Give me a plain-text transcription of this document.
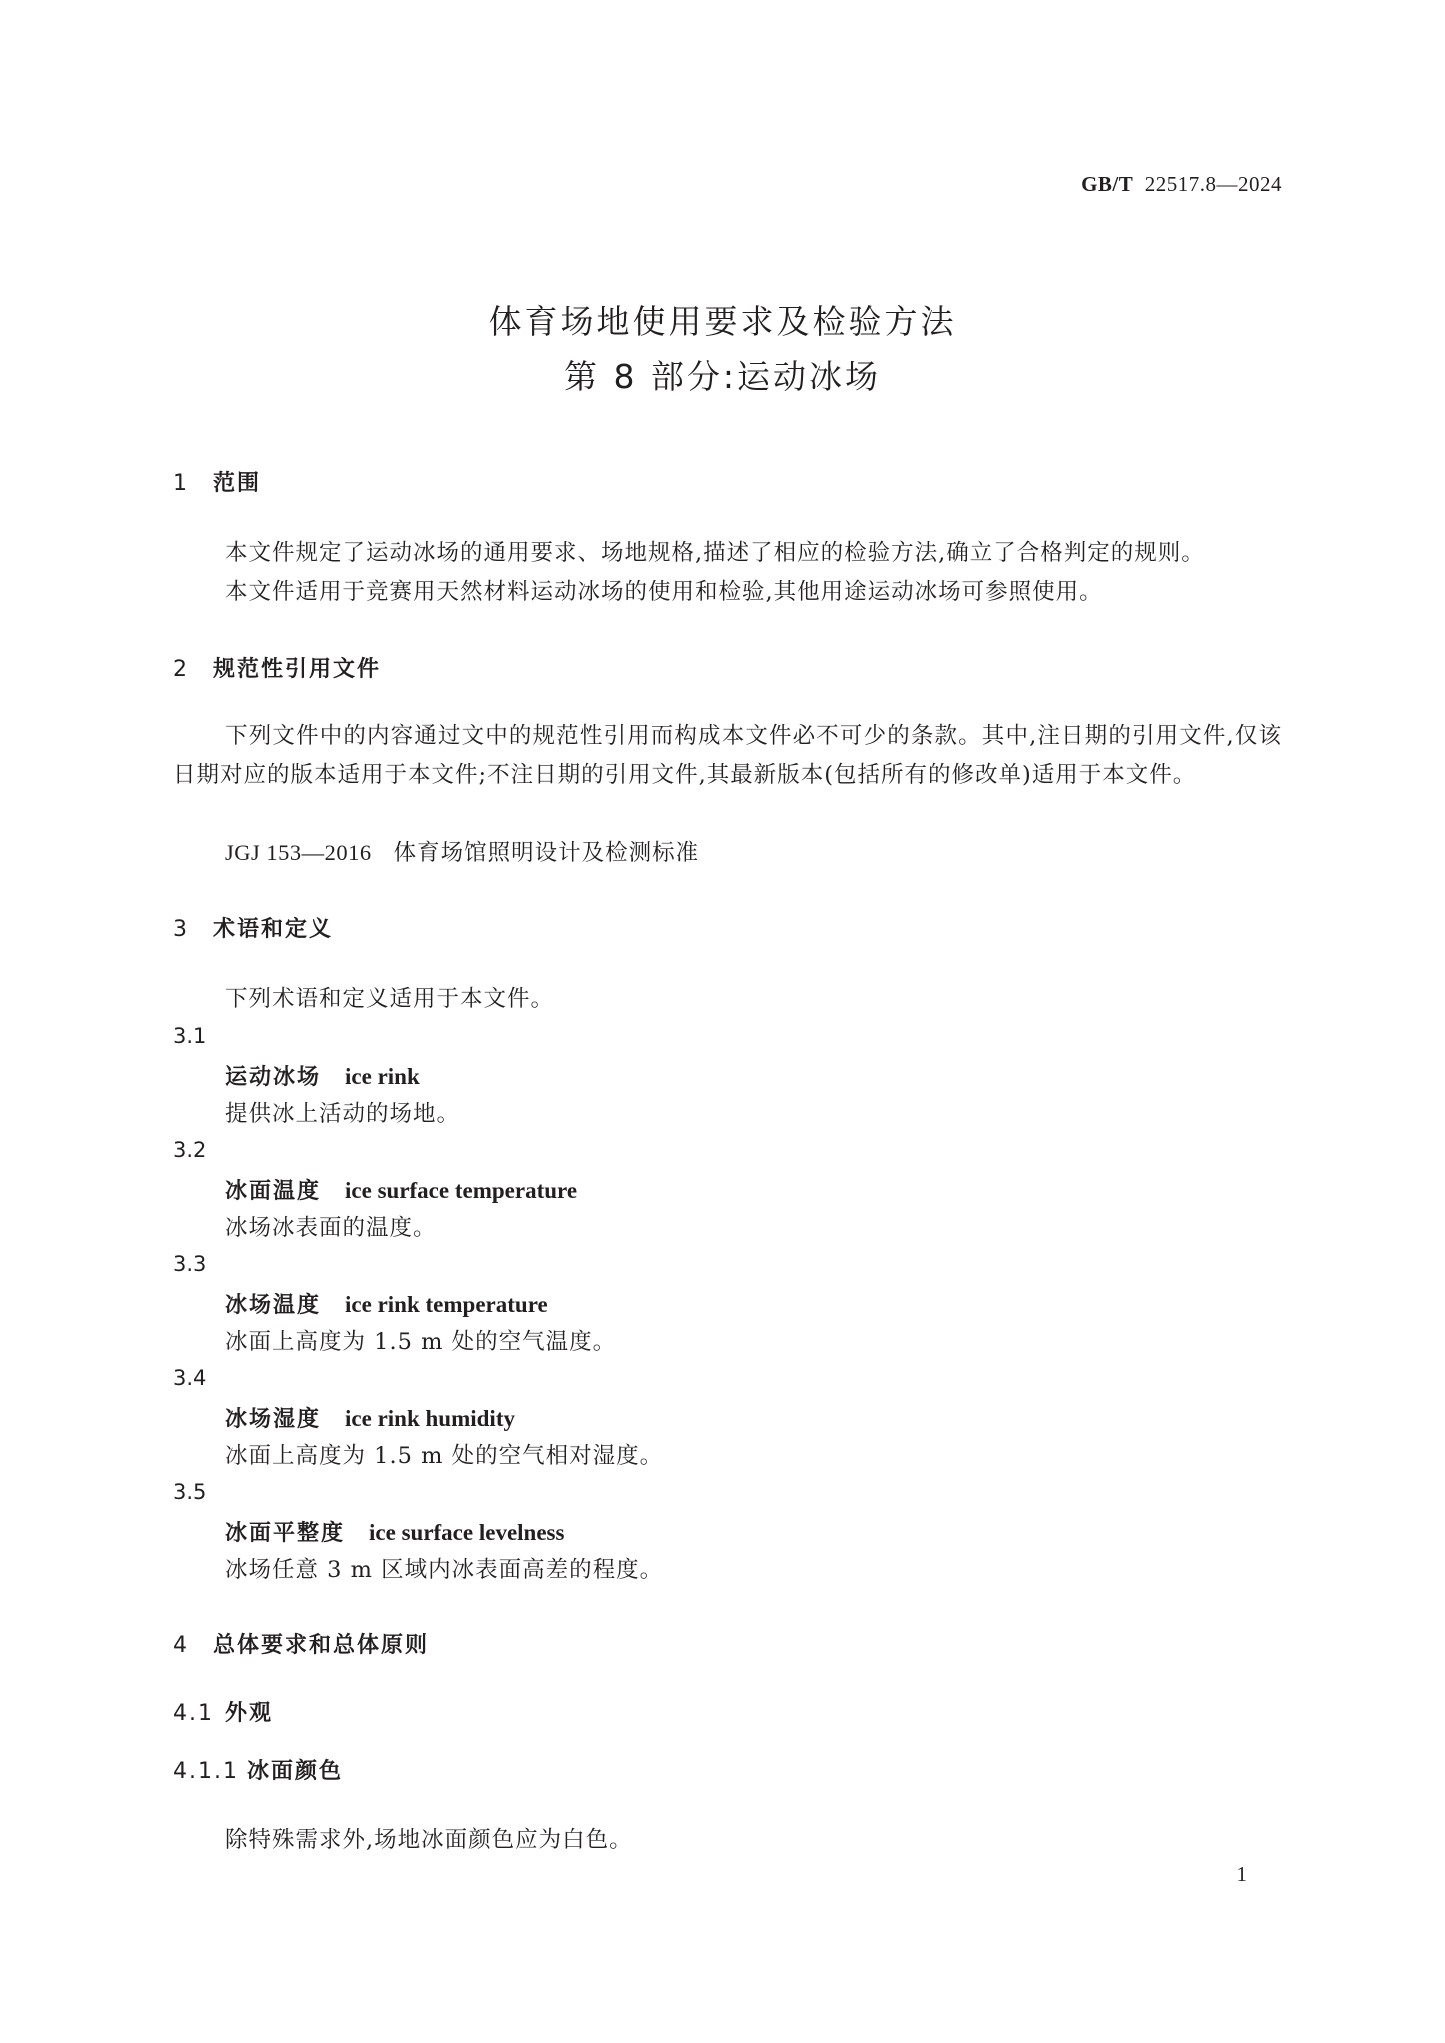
GB/T 22517.8—2024
体育场地使用要求及检验方法
第 8 部分:运动冰场
1 范围
本文件规定了运动冰场的通用要求、场地规格,描述了相应的检验方法,确立了合格判定的规则。
本文件适用于竞赛用天然材料运动冰场的使用和检验,其他用途运动冰场可参照使用。
2 规范性引用文件
下列文件中的内容通过文中的规范性引用而构成本文件必不可少的条款。其中,注日期的引用文件,仅该日期对应的版本适用于本文件;不注日期的引用文件,其最新版本(包括所有的修改单)适用于本文件。
JGJ 153—2016 体育场馆照明设计及检测标准
3 术语和定义
下列术语和定义适用于本文件。
3.1
运动冰场 ice rink
提供冰上活动的场地。
3.2
冰面温度 ice surface temperature
冰场冰表面的温度。
3.3
冰场温度 ice rink temperature
冰面上高度为 1.5 m 处的空气温度。
3.4
冰场湿度 ice rink humidity
冰面上高度为 1.5 m 处的空气相对湿度。
3.5
冰面平整度 ice surface levelness
冰场任意 3 m 区域内冰表面高差的程度。
4 总体要求和总体原则
4.1 外观
4.1.1 冰面颜色
除特殊需求外,场地冰面颜色应为白色。
1
